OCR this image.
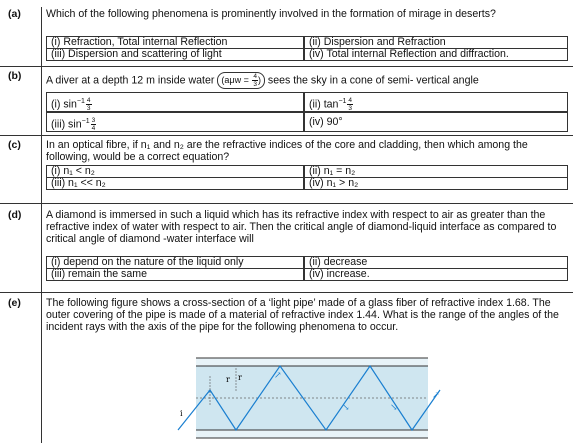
(a) Which of the following phenomena is prominently involved in the formation of mirage in deserts?
(i) Refraction, Total internal Reflection	(ii) Dispersion and Refraction
(iii) Dispersion and scattering of light	(iv) Total internal Reflection and diffraction.
(b) A diver at a depth 12 m inside water ($a\mu w = \frac{4}{3}$ ) sees the sky in a cone of semi- vertical angle
(i) $\sin^{-1} \frac{4}{3}$	(ii) $\tan^{-1} \frac{4}{3}$
(iii) $\sin^{-1} \frac{3}{4}$	(iv) 90°
(c) In an optical fibre, if n₁ and n₂ are the refractive indices of the core and cladding, then which among the following, would be a correct equation?
(i) n₁ < n₂	(ii) n₁ = n₂
(iii) n₁ << n₂	(iv) n₁ > n₂
(d) A diamond is immersed in such a liquid which has its refractive index with respect to air as greater than the refractive index of water with respect to air. Then the critical angle of diamond-liquid interface as compared to critical angle of diamond -water interface will
(i) depend on the nature of the liquid only	(ii) decrease
(iii) remain the same	(iv) increase.
(e) The following figure shows a cross-section of a ‘light pipe’ made of a glass fiber of refractive index 1.68. The outer covering of the pipe is made of a material of refractive index 1.44. What is the range of the angles of the incident rays with the axis of the pipe for the following phenomena to occur.
i
r r
↗
↗
↘	↘
↗
